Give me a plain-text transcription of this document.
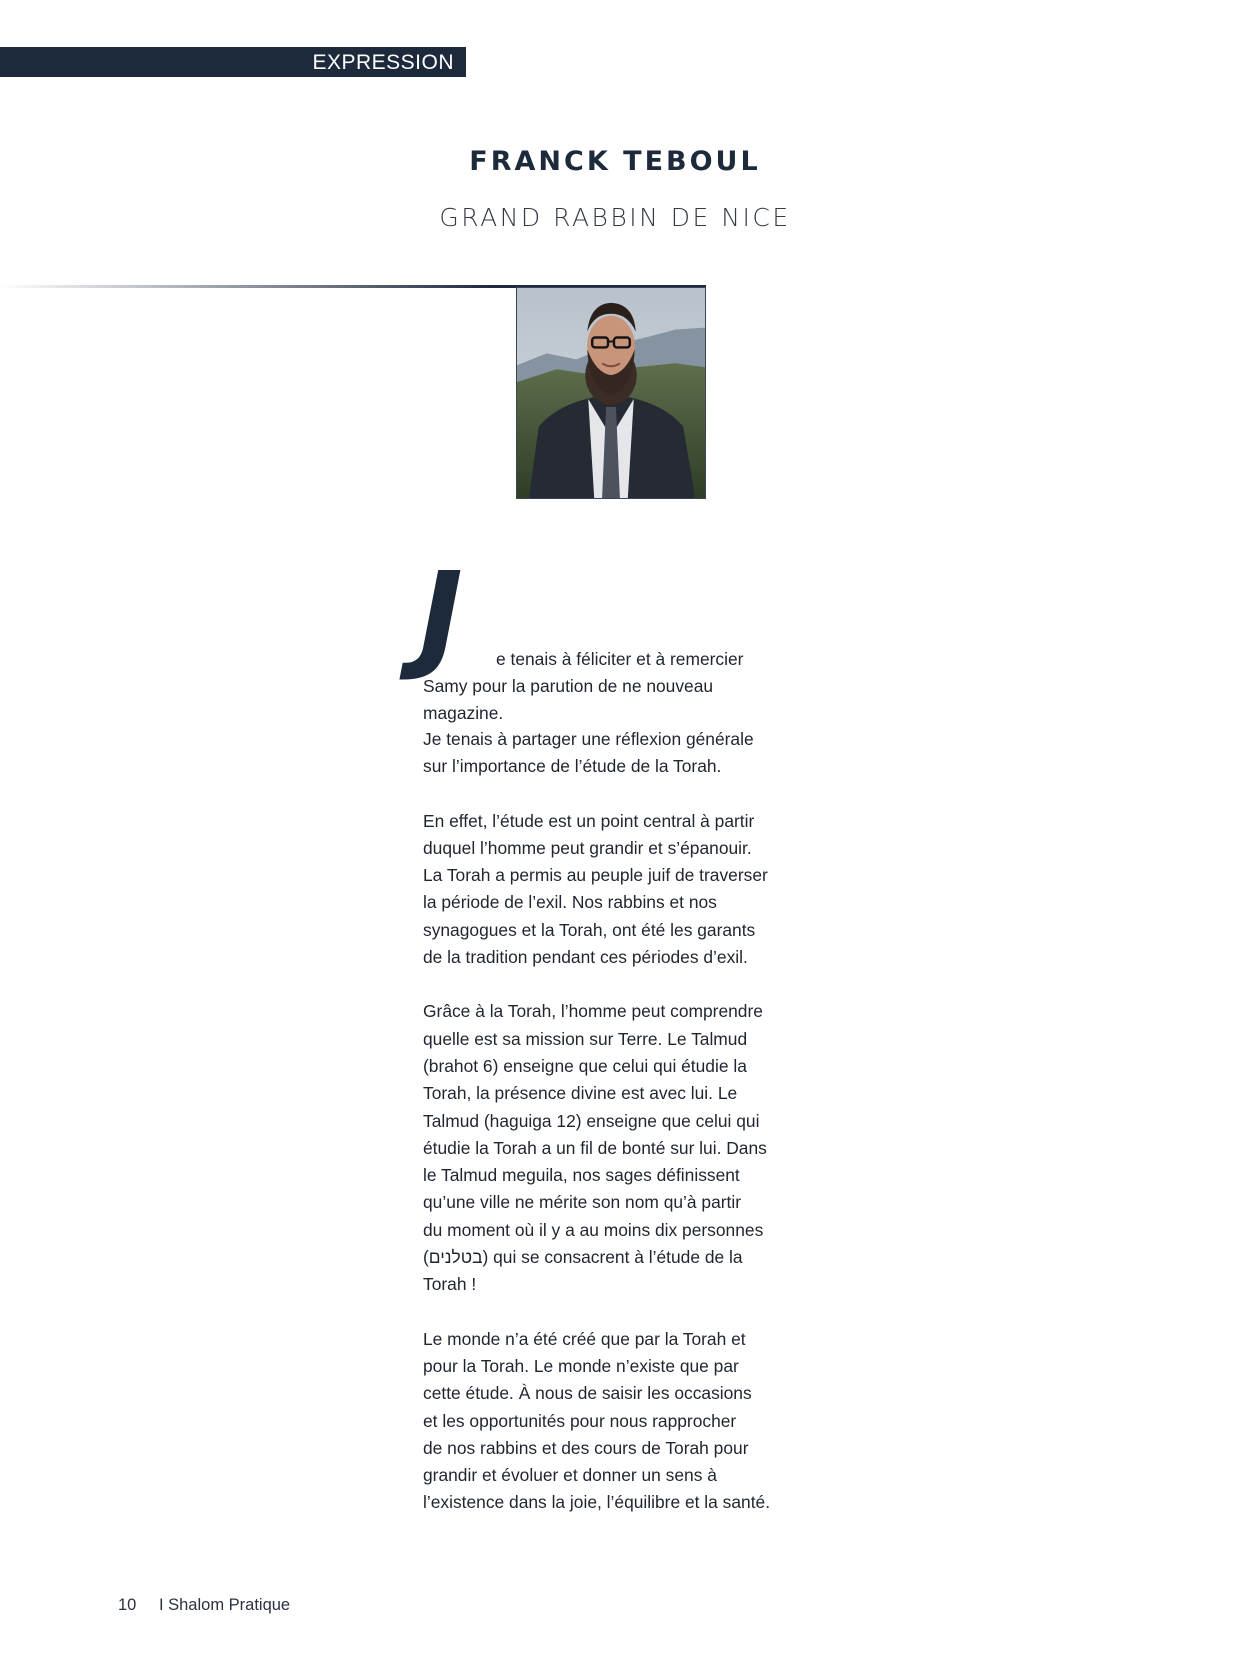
EXPRESSION
FRANCK TEBOUL
GRAND RABBIN DE NICE
J e tenais à féliciter et à remercier
Samy pour la parution de ne nouveau
magazine.

Je tenais à partager une réflexion générale
sur l’importance de l’étude de la Torah.

En effet, l’étude est un point central à partir
duquel l’homme peut grandir et s’épanouir.
La Torah a permis au peuple juif de traverser
la période de l’exil. Nos rabbins et nos
synagogues et la Torah, ont été les garants
de la tradition pendant ces périodes d’exil.

Grâce à la Torah, l’homme peut comprendre
quelle est sa mission sur Terre. Le Talmud
(brahot 6) enseigne que celui qui étudie la
Torah, la présence divine est avec lui. Le
Talmud (haguiga 12) enseigne que celui qui
étudie la Torah a un fil de bonté sur lui. Dans
le Talmud meguila, nos sages définissent
qu’une ville ne mérite son nom qu’à partir
du moment où il y a au moins dix personnes
(בטלנים) qui se consacrent à l’étude de la
Torah !

Le monde n’a été créé que par la Torah et
pour la Torah. Le monde n’existe que par
cette étude. À nous de saisir les occasions
et les opportunités pour nous rapprocher
de nos rabbins et des cours de Torah pour
grandir et évoluer et donner un sens à
l’existence dans la joie, l’équilibre et la santé.

10 I Shalom Pratique
